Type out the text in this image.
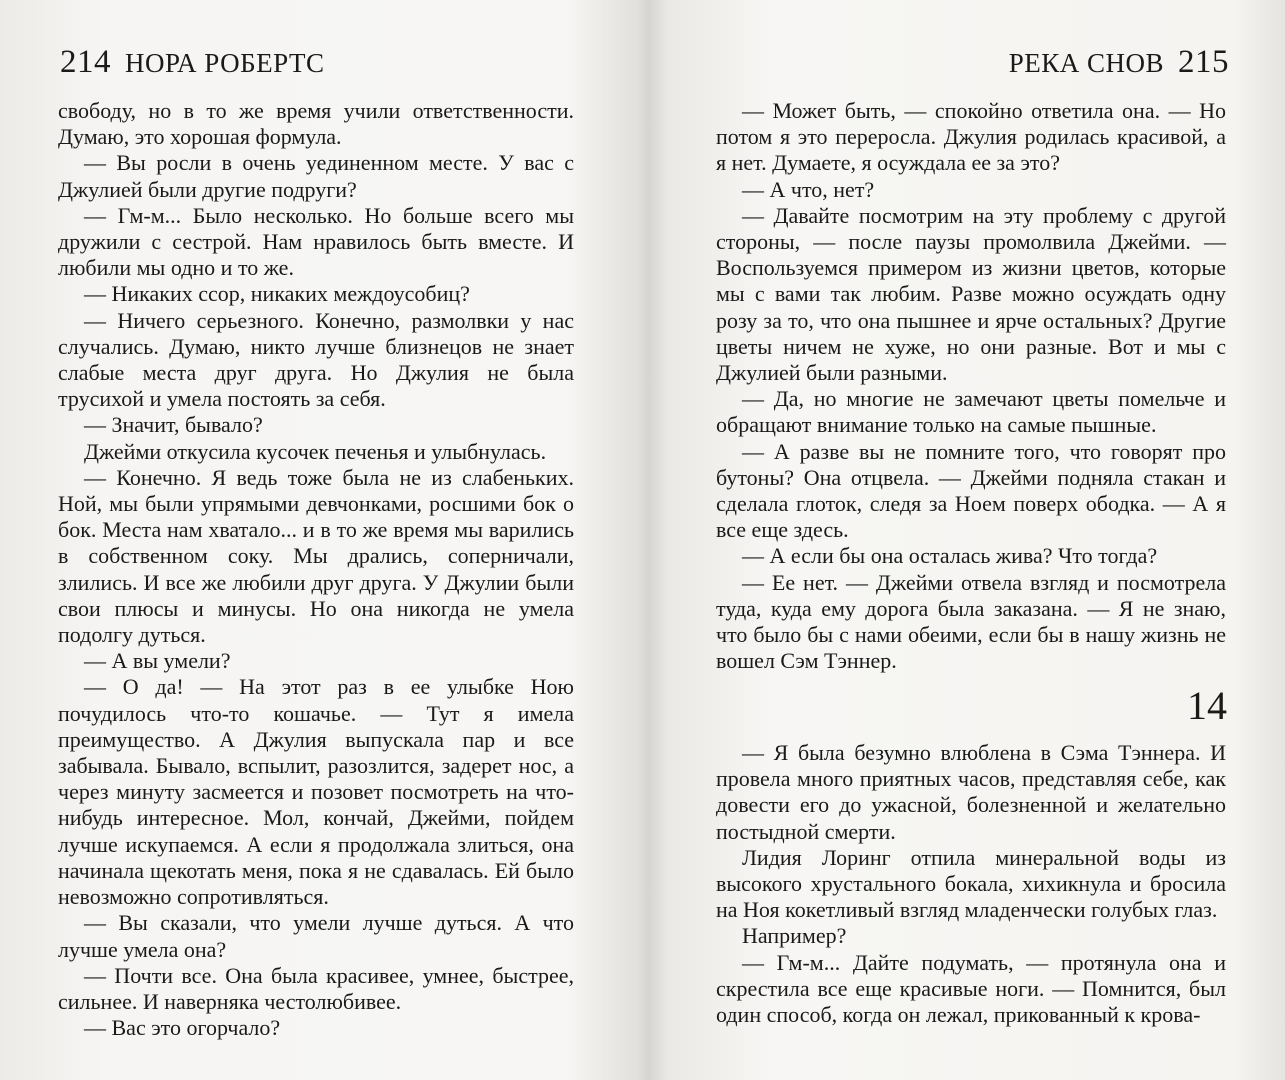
214 НОРА РОБЕРТС

свободу, но в то же время учили ответственности. Думаю, это хорошая формула.

— Вы росли в очень уединенном месте. У вас с Джулией были другие подруги?

— Гм-м... Было несколько. Но больше всего мы дружили с сестрой. Нам нравилось быть вместе. И любили мы одно и то же.

— Никаких ссор, никаких междоусобиц?

— Ничего серьезного. Конечно, размолвки у нас случались. Думаю, никто лучше близнецов не знает слабые места друг друга. Но Джулия не была трусихой и умела постоять за себя.

— Значит, бывало?

Джейми откусила кусочек печенья и улыбнулась.

— Конечно. Я ведь тоже была не из слабеньких. Ной, мы были упрямыми девчонками, росшими бок о бок. Места нам хватало... и в то же время мы варились в собственном соку. Мы дрались, соперничали, злились. И все же любили друг друга. У Джулии были свои плюсы и минусы. Но она никогда не умела подолгу дуться.

— А вы умели?

— О да! — На этот раз в ее улыбке Ною почудилось что-то кошачье. — Тут я имела преимущество. А Джулия выпускала пар и все забывала. Бывало, вспылит, разозлится, задерет нос, а через минуту засмеется и позовет посмотреть на что-нибудь интересное. Мол, кончай, Джейми, пойдем лучше искупаемся. А если я продолжала злиться, она начинала щекотать меня, пока я не сдавалась. Ей было невозможно сопротивляться.

— Вы сказали, что умели лучше дуться. А что лучше умела она?

— Почти все. Она была красивее, умнее, быстрее, сильнее. И наверняка честолюбивее.

— Вас это огорчало?

РЕКА СНОВ 215

— Может быть, — спокойно ответила она. — Но потом я это переросла. Джулия родилась красивой, а я нет. Думаете, я осуждала ее за это?

— А что, нет?

— Давайте посмотрим на эту проблему с другой стороны, — после паузы промолвила Джейми. — Воспользуемся примером из жизни цветов, которые мы с вами так любим. Разве можно осуждать одну розу за то, что она пышнее и ярче остальных? Другие цветы ничем не хуже, но они разные. Вот и мы с Джулией были разными.

— Да, но многие не замечают цветы помельче и обращают внимание только на самые пышные.

— А разве вы не помните того, что говорят про бутоны? Она отцвела. — Джейми подняла стакан и сделала глоток, следя за Ноем поверх ободка. — А я все еще здесь.

— А если бы она осталась жива? Что тогда?

— Ее нет. — Джейми отвела взгляд и посмотрела туда, куда ему дорога была заказана. — Я не знаю, что было бы с нами обеими, если бы в нашу жизнь не вошел Сэм Тэннер.

14

— Я была безумно влюблена в Сэма Тэннера. И провела много приятных часов, представляя себе, как довести его до ужасной, болезненной и желательно постыдной смерти.

Лидия Лоринг отпила минеральной воды из высокого хрустального бокала, хихикнула и бросила на Ноя кокетливый взгляд младенчески голубых глаз.

Например?

— Гм-м... Дайте подумать, — протянула она и скрестила все еще красивые ноги. — Помнится, был один способ, когда он лежал, прикованный к крова-
